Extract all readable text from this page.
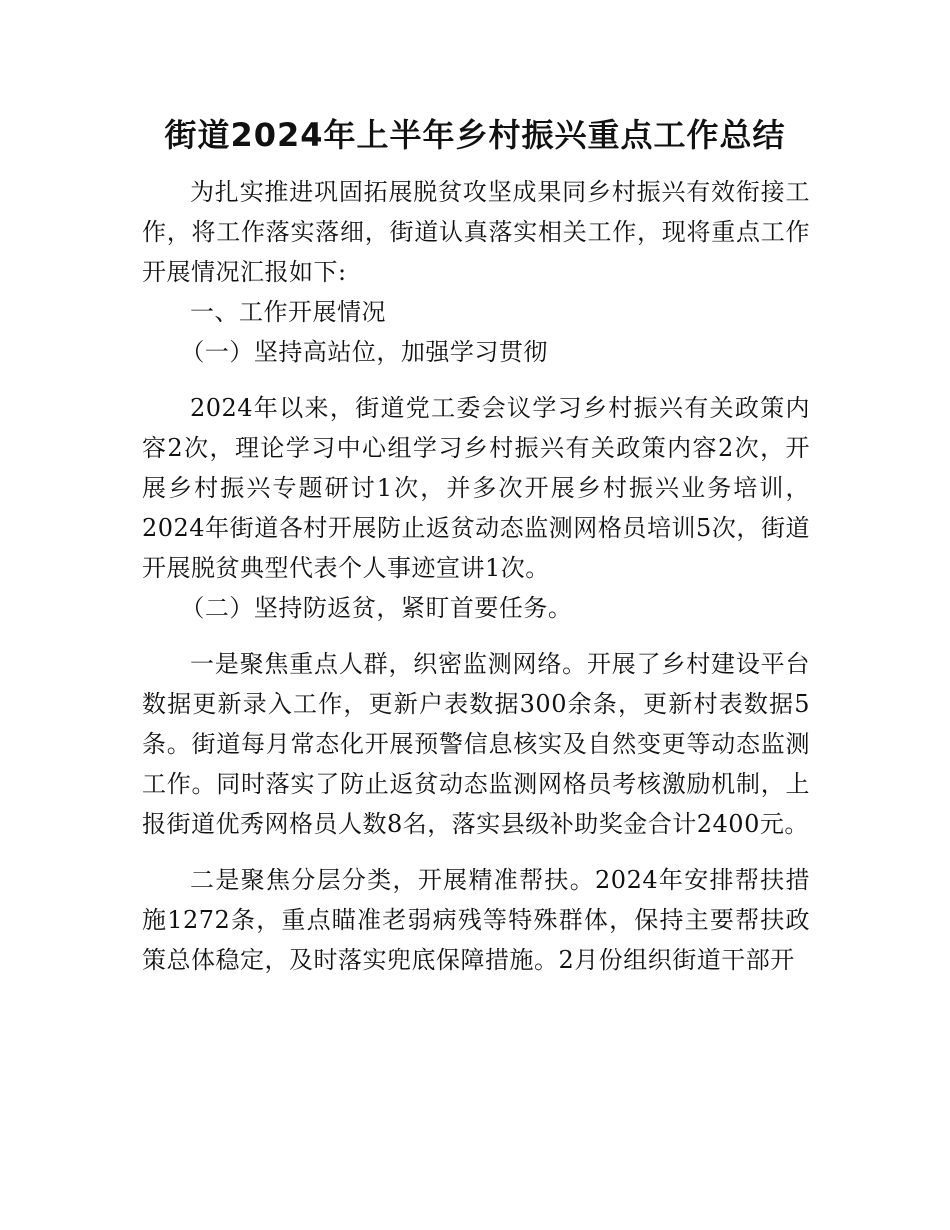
街道2024年上半年乡村振兴重点工作总结

为扎实推进巩固拓展脱贫攻坚成果同乡村振兴有效衔接工作，将工作落实落细，街道认真落实相关工作，现将重点工作开展情况汇报如下:

一、工作开展情况

（一）坚持高站位，加强学习贯彻

2024年以来，街道党工委会议学习乡村振兴有关政策内容2次，理论学习中心组学习乡村振兴有关政策内容2次，开展乡村振兴专题研讨1次，并多次开展乡村振兴业务培训，2024年街道各村开展防止返贫动态监测网格员培训5次，街道开展脱贫典型代表个人事迹宣讲1次。

（二）坚持防返贫，紧盯首要任务。

一是聚焦重点人群，织密监测网络。开展了乡村建设平台数据更新录入工作，更新户表数据300余条，更新村表数据5条。街道每月常态化开展预警信息核实及自然变更等动态监测工作。同时落实了防止返贫动态监测网格员考核激励机制，上报街道优秀网格员人数8名，落实县级补助奖金合计2400元。

二是聚焦分层分类，开展精准帮扶。2024年安排帮扶措施1272条，重点瞄准老弱病残等特殊群体，保持主要帮扶政策总体稳定，及时落实兜底保障措施。2月份组织街道干部开
